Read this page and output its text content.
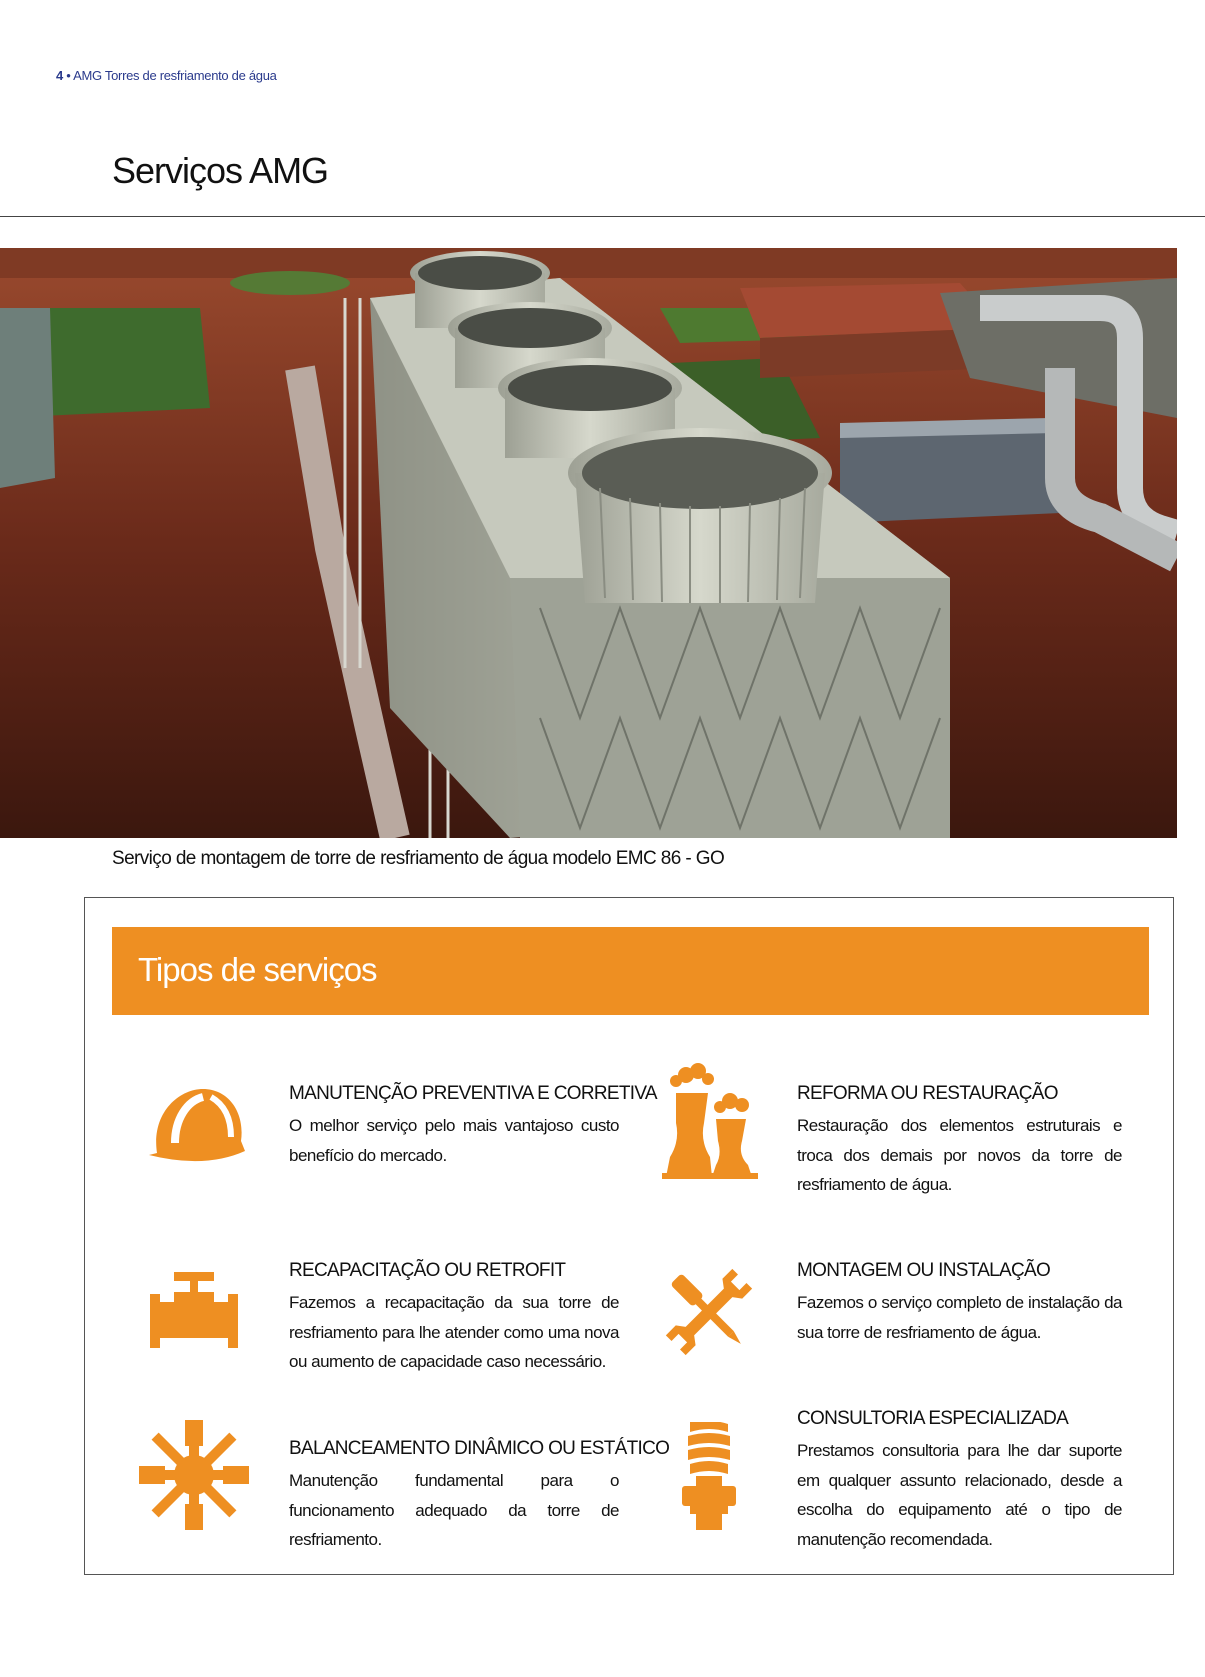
4 • AMG Torres de resfriamento de água
Serviços AMG
Serviço de montagem de torre de resfriamento de água modelo EMC 86 - GO
Tipos de serviços
MANUTENÇÃO PREVENTIVA E CORRETIVA

O melhor serviço pelo mais vantajoso custo benefício do mercado.

REFORMA OU RESTAURAÇÃO

Restauração dos elementos estruturais e troca dos demais por novos da torre de resfriamento de água.

RECAPACITAÇÃO OU RETROFIT

Fazemos a recapacitação da sua torre de resfriamento para lhe atender como uma nova ou aumento de capacidade caso necessário.

MONTAGEM OU INSTALAÇÃO

Fazemos o serviço completo de instalação da sua torre de resfriamento de água.

BALANCEAMENTO DINÂMICO OU ESTÁTICO

Manutenção fundamental para o funcionamento adequado da torre de resfriamento.

CONSULTORIA ESPECIALIZADA

Prestamos consultoria para lhe dar suporte em qualquer assunto relacionado, desde a escolha do equipamento até o tipo de manutenção recomendada.
